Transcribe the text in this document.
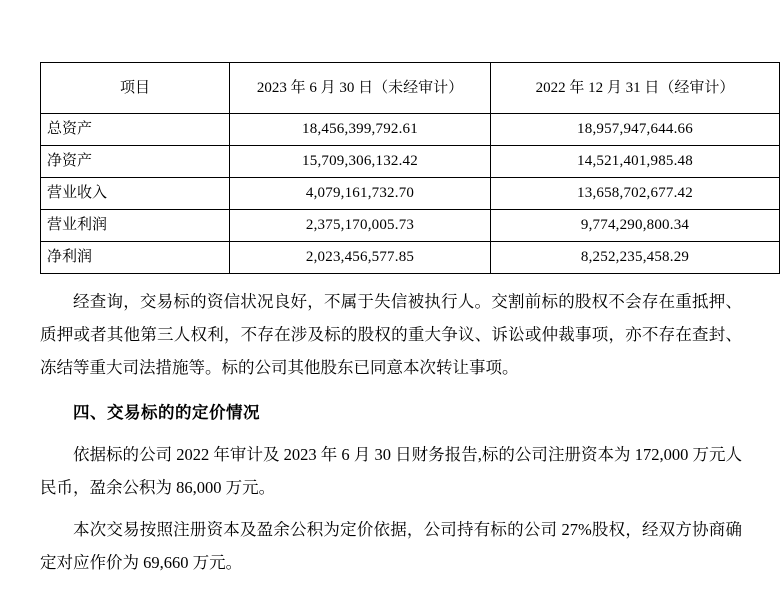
项目	2023 年 6 月 30 日（未经审计）	2022 年 12 月 31 日（经审计）
总资产	18,456,399,792.61	18,957,947,644.66
净资产	15,709,306,132.42	14,521,401,985.48
营业收入	4,079,161,732.70	13,658,702,677.42
营业利润	2,375,170,005.73	9,774,290,800.34
净利润	2,023,456,577.85	8,252,235,458.29

经查询，交易标的资信状况良好，不属于失信被执行人。交割前标的股权不会存在重抵押、质押或者其他第三人权利，不存在涉及标的股权的重大争议、诉讼或仲裁事项，亦不存在查封、冻结等重大司法措施等。标的公司其他股东已同意本次转让事项。

四、交易标的的定价情况

依据标的公司 2022 年审计及 2023 年 6 月 30 日财务报告,标的公司注册资本为 172,000 万元人民币，盈余公积为 86,000 万元。

本次交易按照注册资本及盈余公积为定价依据，公司持有标的公司 27%股权，经双方协商确定对应作价为 69,660 万元。
